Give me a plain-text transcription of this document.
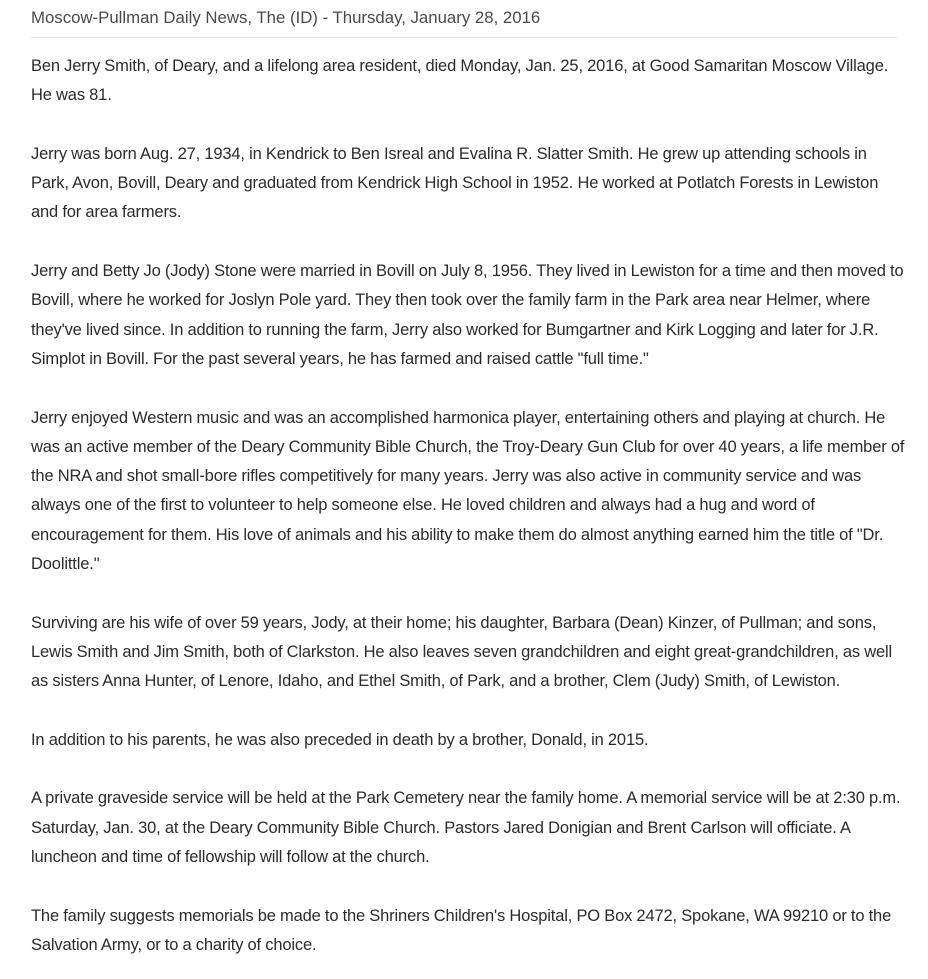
Moscow-Pullman Daily News, The (ID) - Thursday, January 28, 2016

Ben Jerry Smith, of Deary, and a lifelong area resident, died Monday, Jan. 25, 2016, at Good Samaritan Moscow Village. He was 81.

Jerry was born Aug. 27, 1934, in Kendrick to Ben Isreal and Evalina R. Slatter Smith. He grew up attending schools in Park, Avon, Bovill, Deary and graduated from Kendrick High School in 1952. He worked at Potlatch Forests in Lewiston and for area farmers.

Jerry and Betty Jo (Jody) Stone were married in Bovill on July 8, 1956. They lived in Lewiston for a time and then moved to Bovill, where he worked for Joslyn Pole yard. They then took over the family farm in the Park area near Helmer, where they've lived since. In addition to running the farm, Jerry also worked for Bumgartner and Kirk Logging and later for J.R. Simplot in Bovill. For the past several years, he has farmed and raised cattle "full time."

Jerry enjoyed Western music and was an accomplished harmonica player, entertaining others and playing at church. He was an active member of the Deary Community Bible Church, the Troy-Deary Gun Club for over 40 years, a life member of the NRA and shot small-bore rifles competitively for many years. Jerry was also active in community service and was always one of the first to volunteer to help someone else. He loved children and always had a hug and word of encouragement for them. His love of animals and his ability to make them do almost anything earned him the title of "Dr. Doolittle."

Surviving are his wife of over 59 years, Jody, at their home; his daughter, Barbara (Dean) Kinzer, of Pullman; and sons, Lewis Smith and Jim Smith, both of Clarkston. He also leaves seven grandchildren and eight great-grandchildren, as well as sisters Anna Hunter, of Lenore, Idaho, and Ethel Smith, of Park, and a brother, Clem (Judy) Smith, of Lewiston.

In addition to his parents, he was also preceded in death by a brother, Donald, in 2015.

A private graveside service will be held at the Park Cemetery near the family home. A memorial service will be at 2:30 p.m. Saturday, Jan. 30, at the Deary Community Bible Church. Pastors Jared Donigian and Brent Carlson will officiate. A luncheon and time of fellowship will follow at the church.

The family suggests memorials be made to the Shriners Children's Hospital, PO Box 2472, Spokane, WA 99210 or to the Salvation Army, or to a charity of choice.
